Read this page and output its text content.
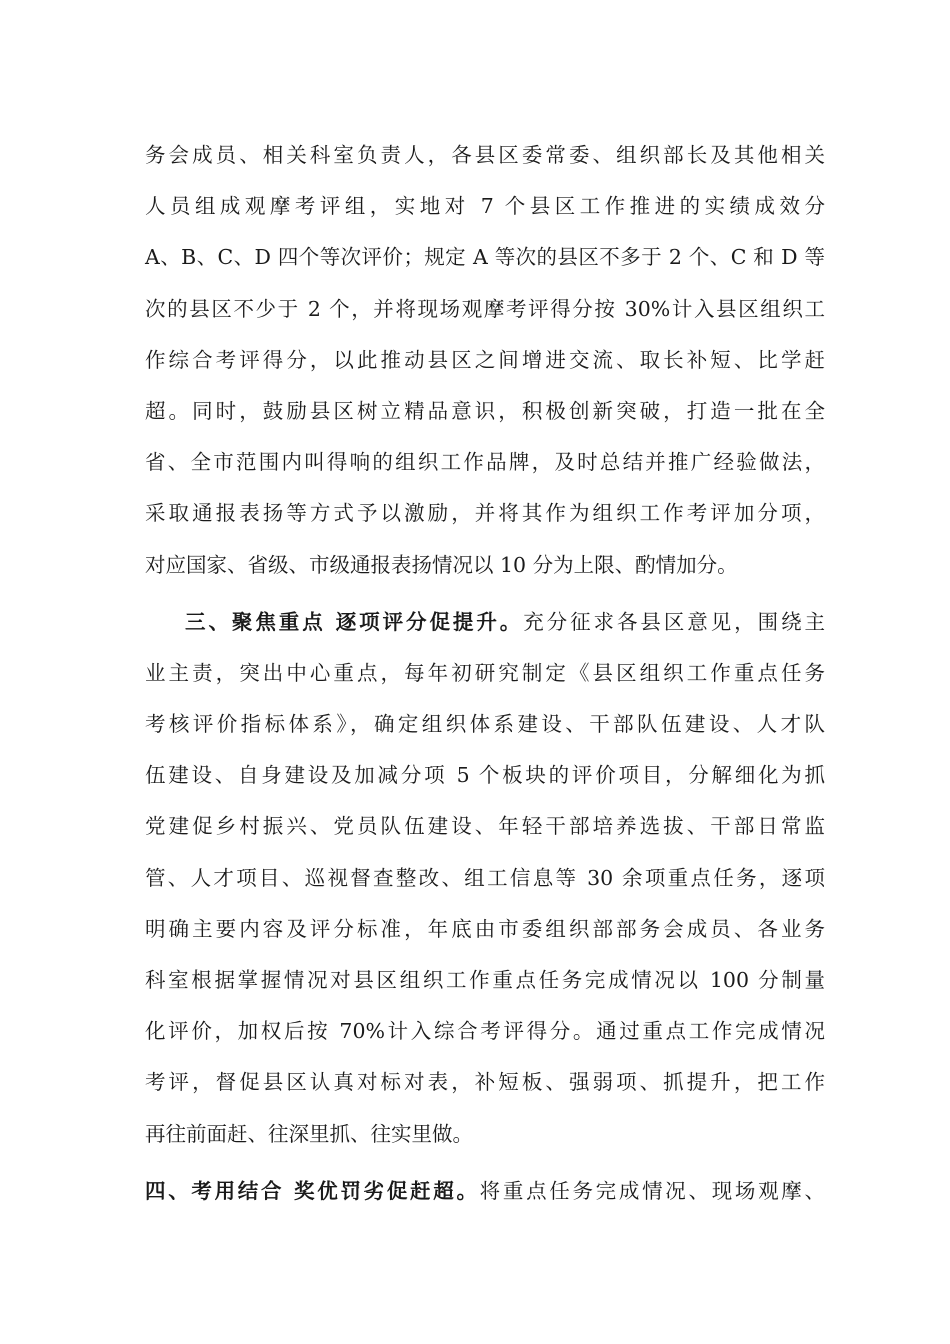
务会成员、相关科室负责人，各县区委常委、组织部长及其他相关
人员组成观摩考评组，实地对 7 个县区工作推进的实绩成效分
A、B、C、D 四个等次评价；规定 A 等次的县区不多于 2 个、C 和 D 等
次的县区不少于 2 个，并将现场观摩考评得分按 30%计入县区组织工
作综合考评得分，以此推动县区之间增进交流、取长补短、比学赶
超。同时，鼓励县区树立精品意识，积极创新突破，打造一批在全
省、全市范围内叫得响的组织工作品牌，及时总结并推广经验做法，
采取通报表扬等方式予以激励，并将其作为组织工作考评加分项，
对应国家、省级、市级通报表扬情况以 10 分为上限、酌情加分。
三、聚焦重点 逐项评分促提升。充分征求各县区意见，围绕主
业主责，突出中心重点，每年初研究制定《县区组织工作重点任务
考核评价指标体系》，确定组织体系建设、干部队伍建设、人才队
伍建设、自身建设及加减分项 5 个板块的评价项目，分解细化为抓
党建促乡村振兴、党员队伍建设、年轻干部培养选拔、干部日常监
管、人才项目、巡视督查整改、组工信息等 30 余项重点任务，逐项
明确主要内容及评分标准，年底由市委组织部部务会成员、各业务
科室根据掌握情况对县区组织工作重点任务完成情况以 100 分制量
化评价，加权后按 70%计入综合考评得分。通过重点工作完成情况
考评，督促县区认真对标对表，补短板、强弱项、抓提升，把工作
再往前面赶、往深里抓、往实里做。
四、考用结合 奖优罚劣促赶超。将重点任务完成情况、现场观摩、
